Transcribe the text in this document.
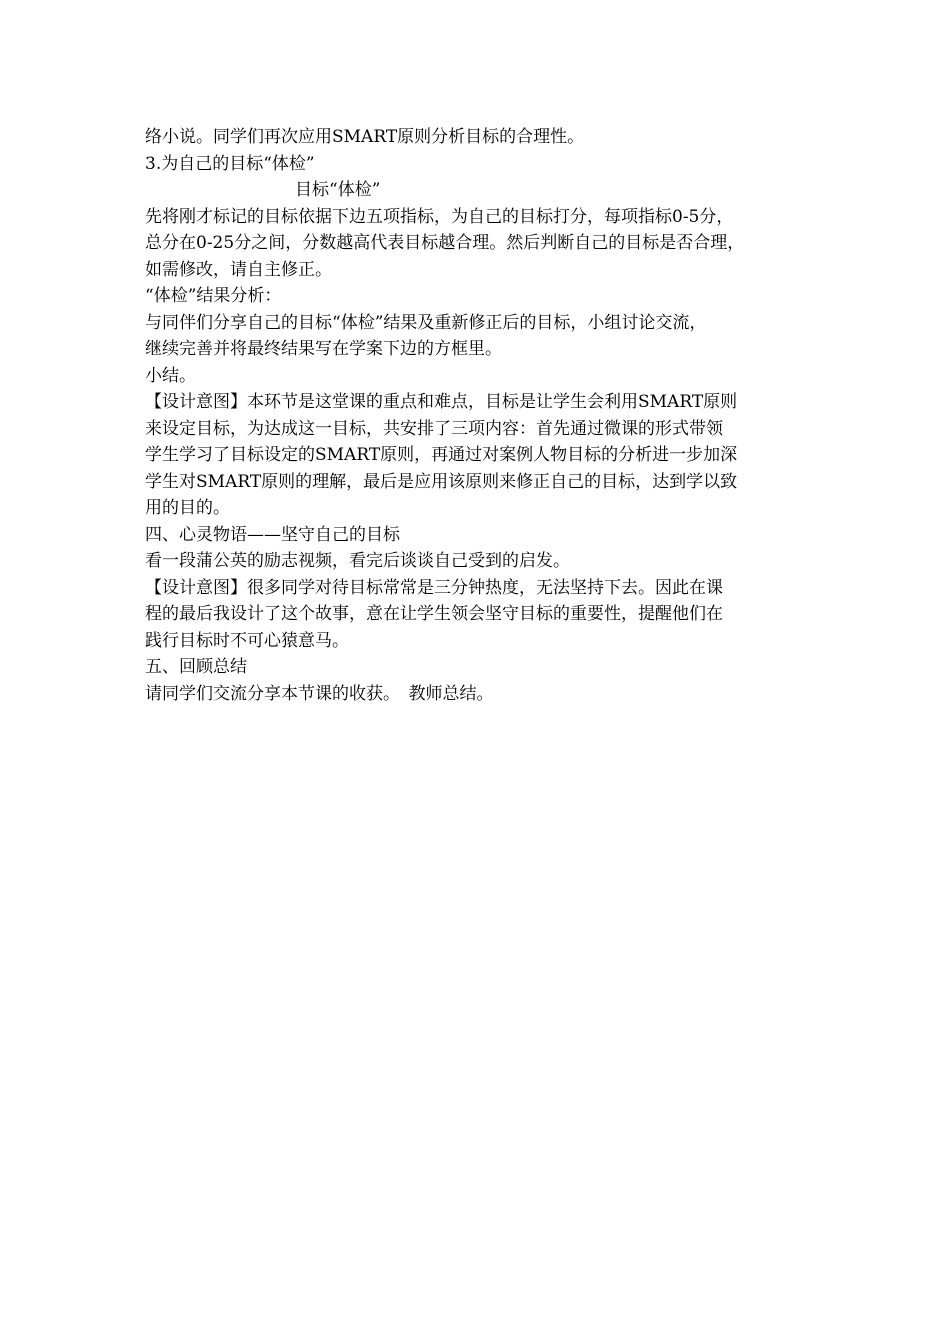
络小说。同学们再次应用SMART原则分析目标的合理性。
3.为自己的目标“体检”
目标“体检”
先将刚才标记的目标依据下边五项指标，为自己的目标打分，每项指标0-5分，
总分在0-25分之间，分数越高代表目标越合理。然后判断自己的目标是否合理，
如需修改，请自主修正。
“体检”结果分析：
与同伴们分享自己的目标“体检”结果及重新修正后的目标，小组讨论交流，
继续完善并将最终结果写在学案下边的方框里。
小结。
【设计意图】本环节是这堂课的重点和难点，目标是让学生会利用SMART原则
来设定目标，为达成这一目标，共安排了三项内容：首先通过微课的形式带领
学生学习了目标设定的SMART原则，再通过对案例人物目标的分析进一步加深
学生对SMART原则的理解，最后是应用该原则来修正自己的目标，达到学以致
用的目的。
四、心灵物语——坚守自己的目标
看一段蒲公英的励志视频，看完后谈谈自己受到的启发。
【设计意图】很多同学对待目标常常是三分钟热度，无法坚持下去。因此在课
程的最后我设计了这个故事，意在让学生领会坚守目标的重要性，提醒他们在
践行目标时不可心猿意马。
五、回顾总结
请同学们交流分享本节课的收获。　教师总结。
